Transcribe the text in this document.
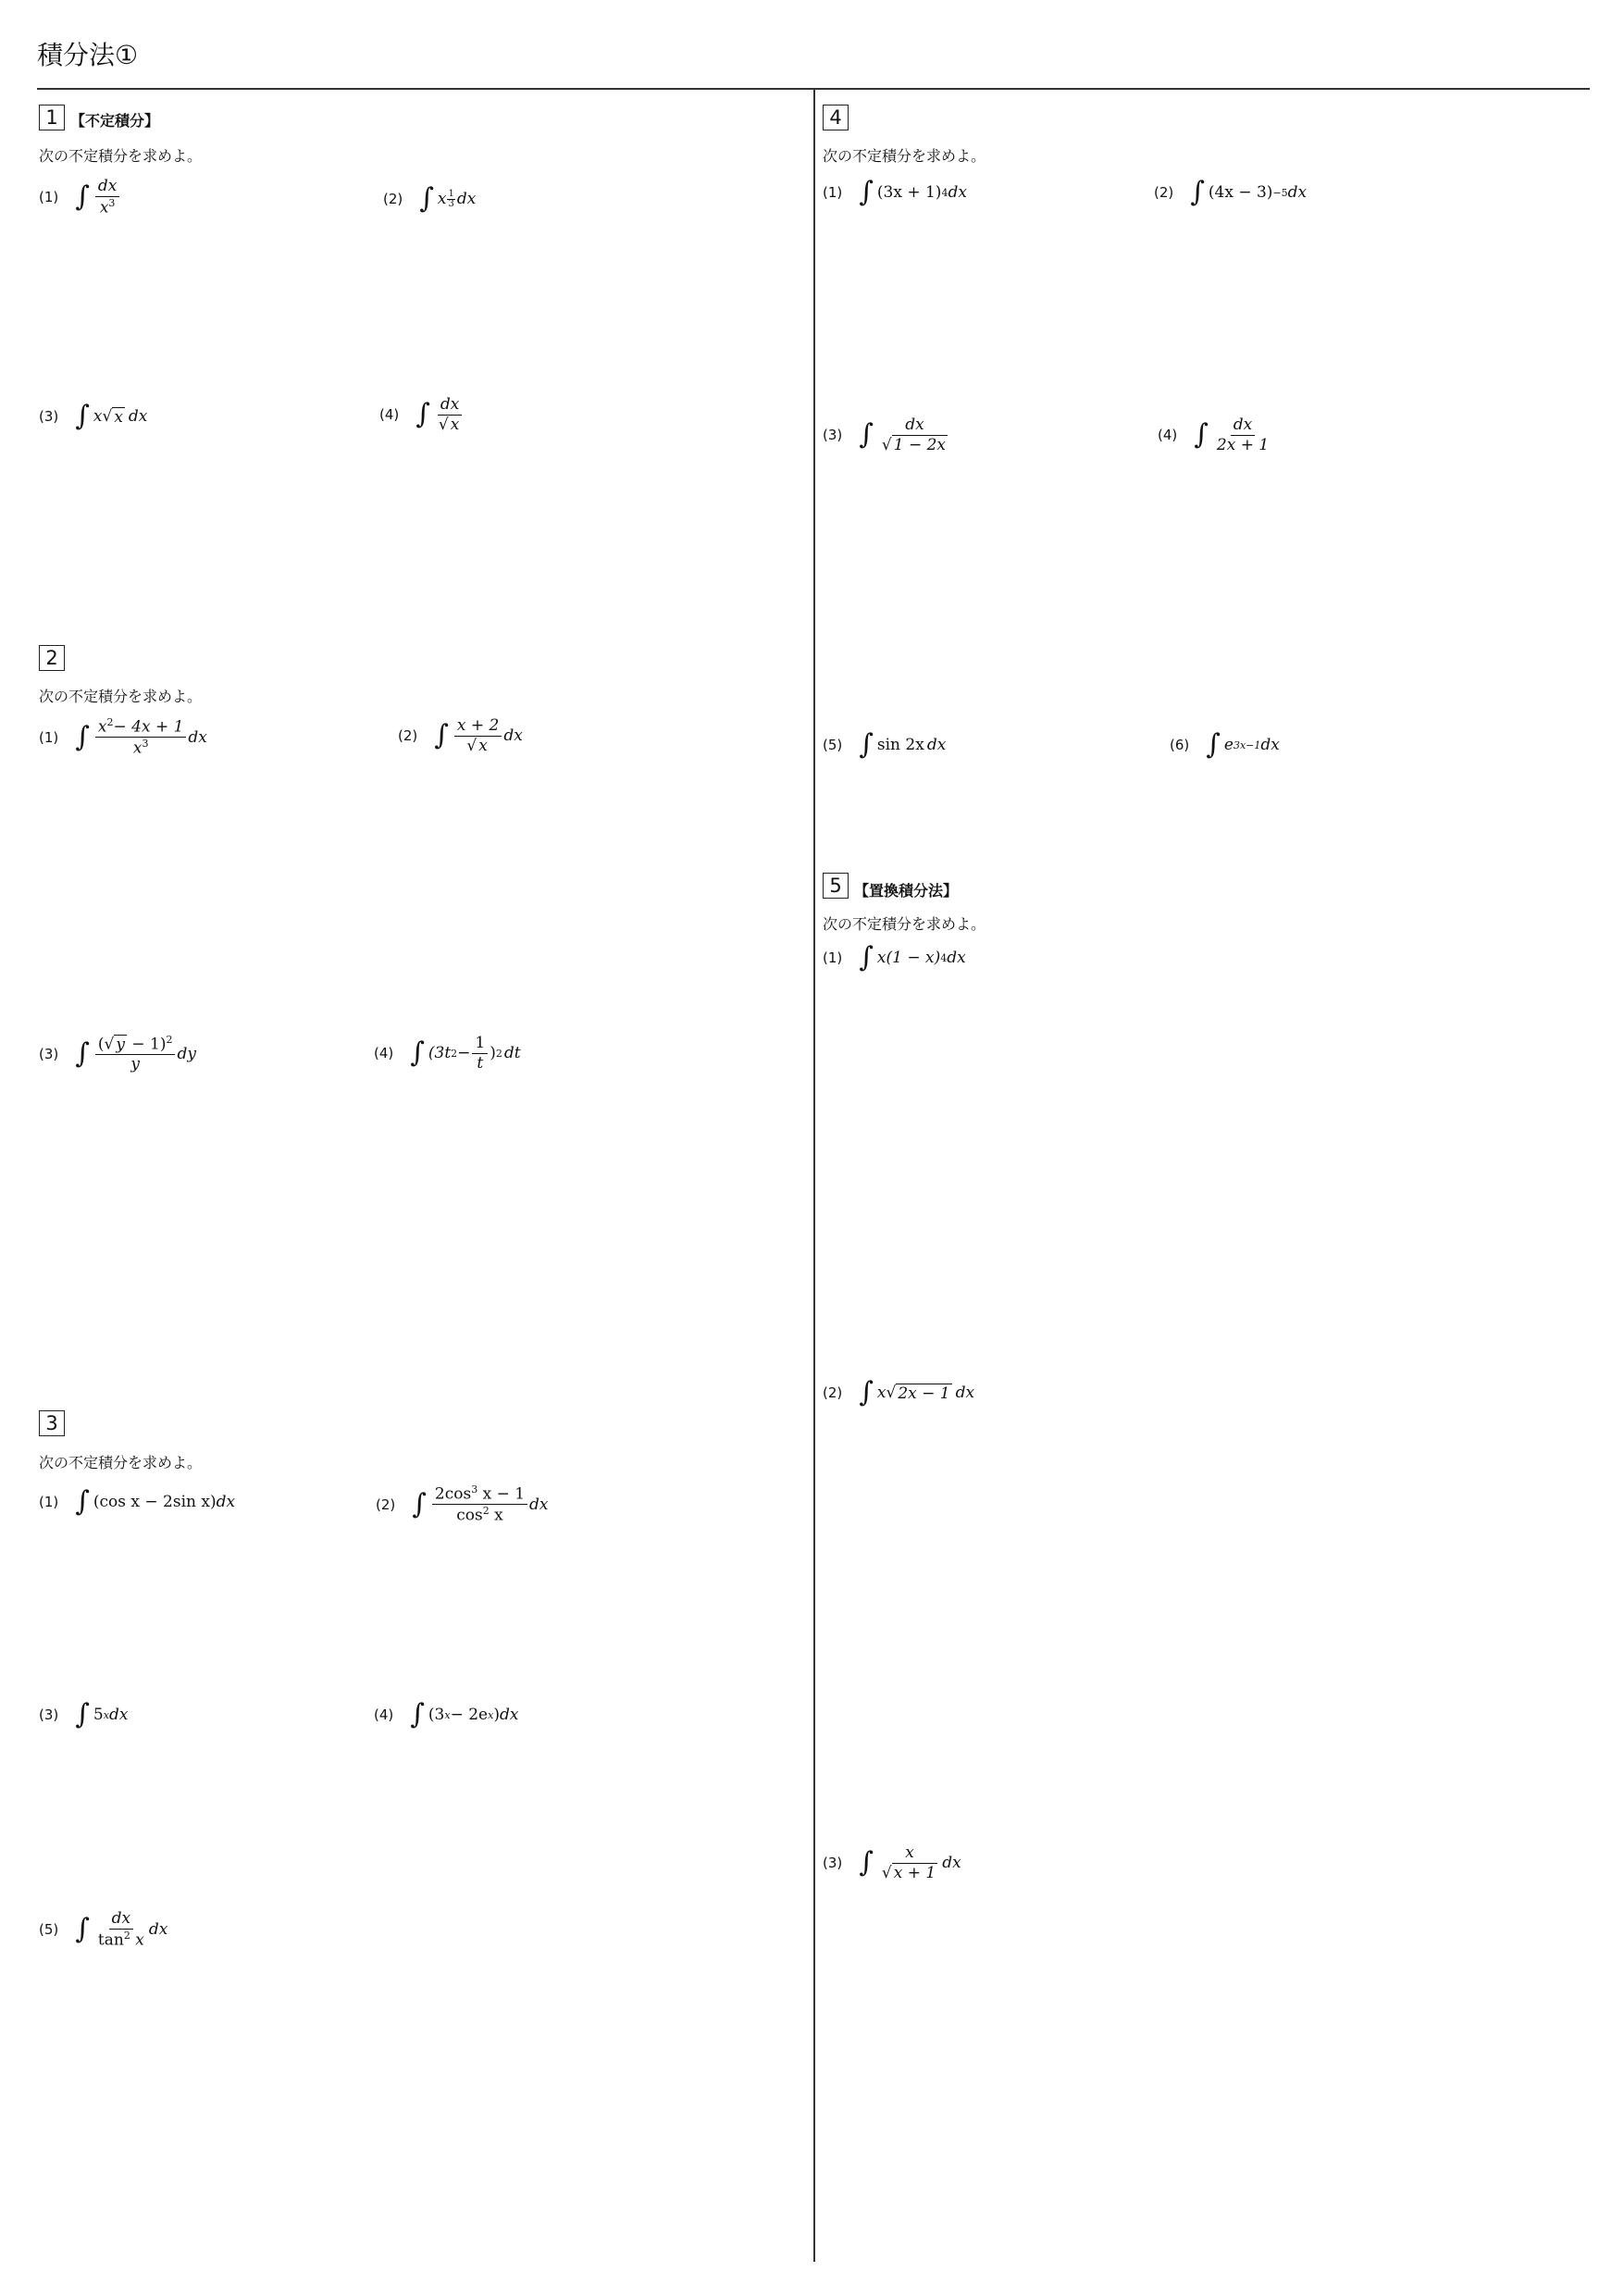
積分法①
1 【不定積分】
次の不定積分を求めよ。
(1) ∫ $\frac{dx}{x^3}$	(2) ∫ x 1
3 dx
(3) ∫ x √ x dx	(4) ∫ $\frac{dx}{√ x}$
2
次の不定積分を求めよ。
(1) ∫ $\frac{x^2- 4x + 1}{x^3}$ dx	(2) ∫ $\frac{x + 2}{√ x}$ dx
(3) ∫ $\frac{(√ y - 1)^2}{y}$ dy	(4) ∫ (3t $2 - \frac{1}{t}$ ) 2 dt
3
次の不定積分を求めよ。
(1) ∫ (cos x − 2sin x) dx	(2) ∫ $\frac{2\cos^3 x - 1}{\cos^2 x}$ dx
(3) ∫ 5 x dx	(4) ∫ (3 x − 2e x ) dx
(5) ∫ $\frac{dx}{\tan^2 x}$ dx
4
次の不定積分を求めよ。
(1) ∫ (3x + 1) 4 dx	(2) ∫ (4x − 3) −5 dx
(3) ∫ $\frac{dx}{√ 1 - 2x}$	(4) ∫ $\frac{dx}{2x + 1}$
(5) ∫ sin 2x dx	(6) ∫ e 3x−1 dx
5 【置換積分法】
次の不定積分を求めよ。
(1) ∫ x(1 − x) 4 dx
(2) ∫ x √ 2x − 1 dx
(3) ∫ $\frac{x}{√ x + 1}$ dx
